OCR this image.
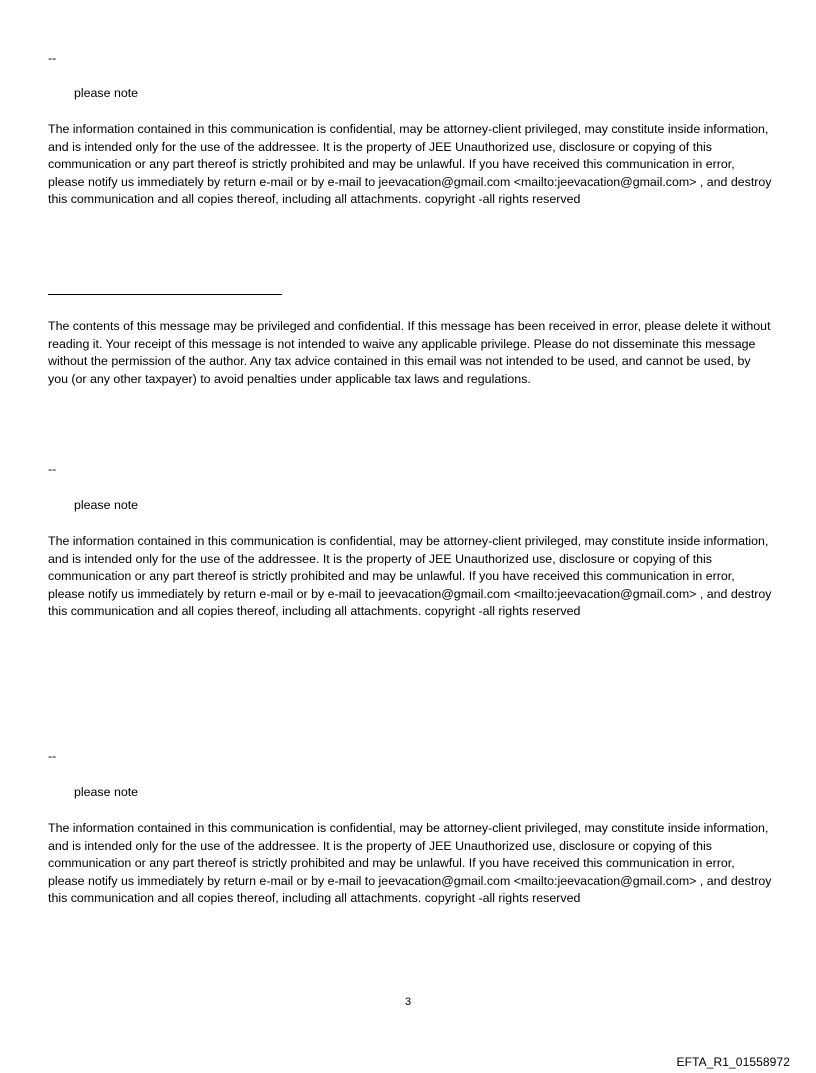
--

please note

The information contained in this communication is confidential, may be attorney-client privileged, may constitute inside information, and is intended only for the use of the addressee. It is the property of JEE Unauthorized use, disclosure or copying of this communication or any part thereof is strictly prohibited and may be unlawful. If you have received this communication in error, please notify us immediately by return e-mail or by e-mail to jeevacation@gmail.com <mailto:jeevacation@gmail.com> , and destroy this communication and all copies thereof, including all attachments. copyright -all rights reserved

The contents of this message may be privileged and confidential. If this message has been received in error, please delete it without reading it. Your receipt of this message is not intended to waive any applicable privilege. Please do not disseminate this message without the permission of the author. Any tax advice contained in this email was not intended to be used, and cannot be used, by you (or any other taxpayer) to avoid penalties under applicable tax laws and regulations.

--

please note

The information contained in this communication is confidential, may be attorney-client privileged, may constitute inside information, and is intended only for the use of the addressee. It is the property of JEE Unauthorized use, disclosure or copying of this communication or any part thereof is strictly prohibited and may be unlawful. If you have received this communication in error, please notify us immediately by return e-mail or by e-mail to jeevacation@gmail.com <mailto:jeevacation@gmail.com> , and destroy this communication and all copies thereof, including all attachments. copyright -all rights reserved

--

please note

The information contained in this communication is confidential, may be attorney-client privileged, may constitute inside information, and is intended only for the use of the addressee. It is the property of JEE Unauthorized use, disclosure or copying of this communication or any part thereof is strictly prohibited and may be unlawful. If you have received this communication in error, please notify us immediately by return e-mail or by e-mail to jeevacation@gmail.com <mailto:jeevacation@gmail.com> , and destroy this communication and all copies thereof, including all attachments. copyright -all rights reserved

3
EFTA_R1_01558972
